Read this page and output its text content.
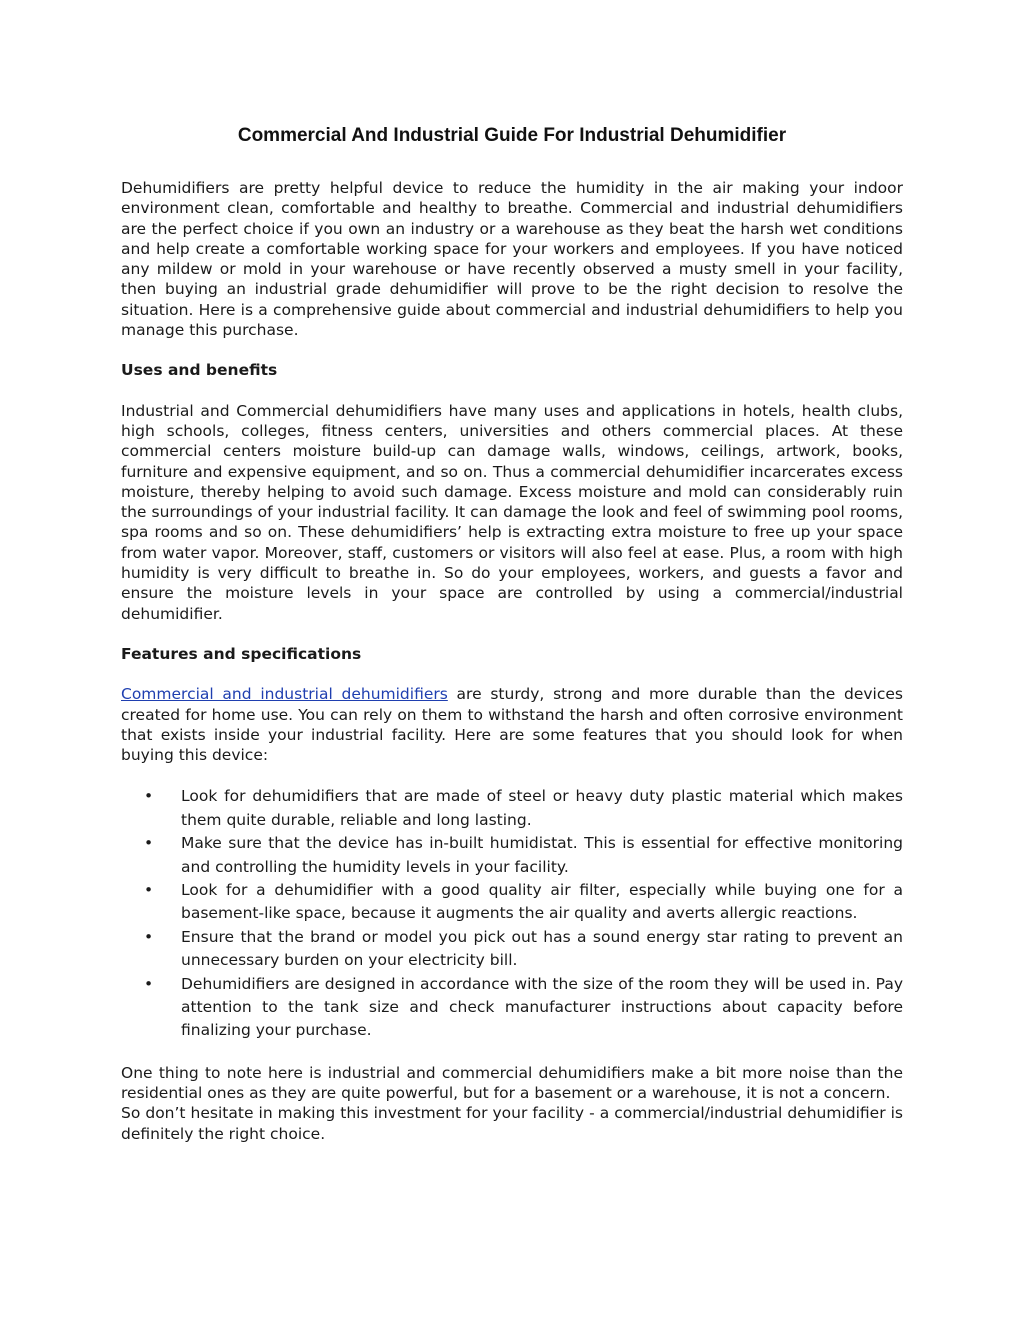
Commercial And Industrial Guide For Industrial Dehumidifier

Dehumidifiers are pretty helpful device to reduce the humidity in the air making your indoor environment clean, comfortable and healthy to breathe. Commercial and industrial dehumidifiers are the perfect choice if you own an industry or a warehouse as they beat the harsh wet conditions and help create a comfortable working space for your workers and employees. If you have noticed any mildew or mold in your warehouse or have recently observed a musty smell in your facility, then buying an industrial grade dehumidifier will prove to be the right decision to resolve the situation. Here is a comprehensive guide about commercial and industrial dehumidifiers to help you manage this purchase.

Uses and benefits

Industrial and Commercial dehumidifiers have many uses and applications in hotels, health clubs, high schools, colleges, fitness centers, universities and others commercial places. At these commercial centers moisture build-up can damage walls, windows, ceilings, artwork, books, furniture and expensive equipment, and so on. Thus a commercial dehumidifier incarcerates excess moisture, thereby helping to avoid such damage. Excess moisture and mold can considerably ruin the surroundings of your industrial facility. It can damage the look and feel of swimming pool rooms, spa rooms and so on. These dehumidifiers’ help is extracting extra moisture to free up your space from water vapor. Moreover, staff, customers or visitors will also feel at ease. Plus, a room with high humidity is very difficult to breathe in. So do your employees, workers, and guests a favor and ensure the moisture levels in your space are controlled by using a commercial/industrial dehumidifier.

Features and specifications

Commercial and industrial dehumidifiers are sturdy, strong and more durable than the devices created for home use. You can rely on them to withstand the harsh and often corrosive environment that exists inside your industrial facility. Here are some features that you should look for when buying this device:

• Look for dehumidifiers that are made of steel or heavy duty plastic material which makes them quite durable, reliable and long lasting.
• Make sure that the device has in-built humidistat. This is essential for effective monitoring and controlling the humidity levels in your facility.
• Look for a dehumidifier with a good quality air filter, especially while buying one for a basement-like space, because it augments the air quality and averts allergic reactions.
• Ensure that the brand or model you pick out has a sound energy star rating to prevent an unnecessary burden on your electricity bill.
• Dehumidifiers are designed in accordance with the size of the room they will be used in. Pay attention to the tank size and check manufacturer instructions about capacity before finalizing your purchase.

One thing to note here is industrial and commercial dehumidifiers make a bit more noise than the residential ones as they are quite powerful, but for a basement or a warehouse, it is not a concern.

So don’t hesitate in making this investment for your facility - a commercial/industrial dehumidifier is definitely the right choice.
